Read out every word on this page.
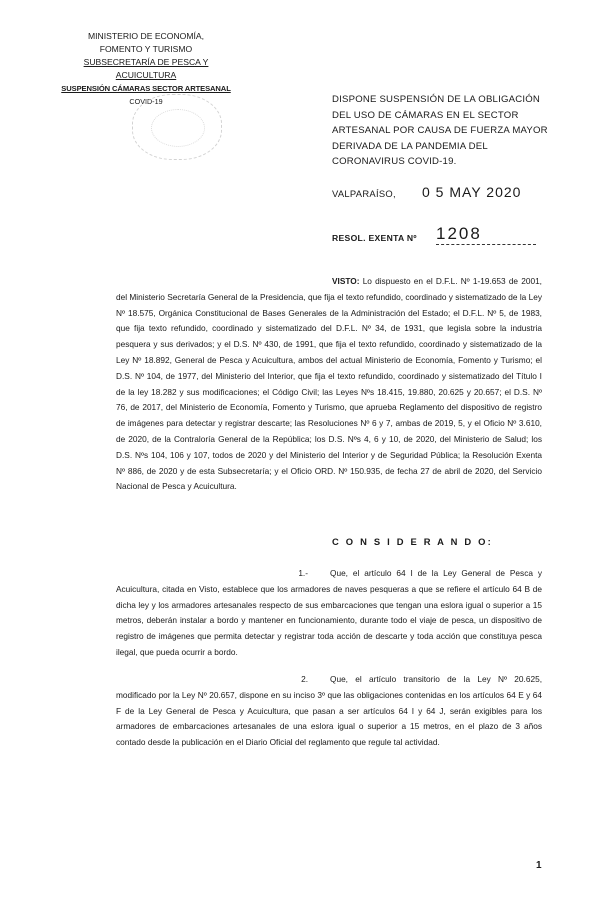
MINISTERIO DE ECONOMÍA,
FOMENTO Y TURISMO
SUBSECRETARÍA DE PESCA Y ACUICULTURA
SUSPENSIÓN CÁMARAS SECTOR ARTESANAL
COVID-19	DISPONE SUSPENSIÓN DE LA OBLIGACIÓN DEL USO DE CÁMARAS EN EL SECTOR ARTESANAL POR CAUSA DE FUERZA MAYOR DERIVADA DE LA PANDEMIA DEL CORONAVIRUS COVID-19.
VALPARAÍSO, 0 5 MAY 2020
RESOL. EXENTA Nº 1208
VISTO: Lo dispuesto en el D.F.L. Nº 1-19.653 de 2001, del Ministerio Secretaría General de la Presidencia, que fija el texto refundido, coordinado y sistematizado de la Ley Nº 18.575, Orgánica Constitucional de Bases Generales de la Administración del Estado; el D.F.L. Nº 5, de 1983, que fija texto refundido, coordinado y sistematizado del D.F.L. Nº 34, de 1931, que legisla sobre la industria pesquera y sus derivados; y el D.S. Nº 430, de 1991, que fija el texto refundido, coordinado y sistematizado de la Ley Nº 18.892, General de Pesca y Acuicultura, ambos del actual Ministerio de Economía, Fomento y Turismo; el D.S. Nº 104, de 1977, del Ministerio del Interior, que fija el texto refundido, coordinado y sistematizado del Título I de la ley 18.282 y sus modificaciones; el Código Civil; las Leyes Nºs 18.415, 19.880, 20.625 y 20.657; el D.S. Nº 76, de 2017, del Ministerio de Economía, Fomento y Turismo, que aprueba Reglamento del dispositivo de registro de imágenes para detectar y registrar descarte; las Resoluciones Nº 6 y 7, ambas de 2019, 5, y el Oficio Nº 3.610, de 2020, de la Contraloría General de la República; los D.S. Nºs 4, 6 y 10, de 2020, del Ministerio de Salud; los D.S. Nºs 104, 106 y 107, todos de 2020 y del Ministerio del Interior y de Seguridad Pública; la Resolución Exenta Nº 886, de 2020 y de esta Subsecretaría; y el Oficio ORD. Nº 150.935, de fecha 27 de abril de 2020, del Servicio Nacional de Pesca y Acuicultura.
C O N S I D E R A N D O:
1.-	Que, el artículo 64 I de la Ley General de Pesca y Acuicultura, citada en Visto, establece que los armadores de naves pesqueras a que se refiere el artículo 64 B de dicha ley y los armadores artesanales respecto de sus embarcaciones que tengan una eslora igual o superior a 15 metros, deberán instalar a bordo y mantener en funcionamiento, durante todo el viaje de pesca, un dispositivo de registro de imágenes que permita detectar y registrar toda acción de descarte y toda acción que constituya pesca ilegal, que pueda ocurrir a bordo.
2.	Que, el artículo transitorio de la Ley Nº 20.625, modificado por la Ley Nº 20.657, dispone en su inciso 3º que las obligaciones contenidas en los artículos 64 E y 64 F de la Ley General de Pesca y Acuicultura, que pasan a ser artículos 64 I y 64 J, serán exigibles para los armadores de embarcaciones artesanales de una eslora igual o superior a 15 metros, en el plazo de 3 años contado desde la publicación en el Diario Oficial del reglamento que regule tal actividad.
1
